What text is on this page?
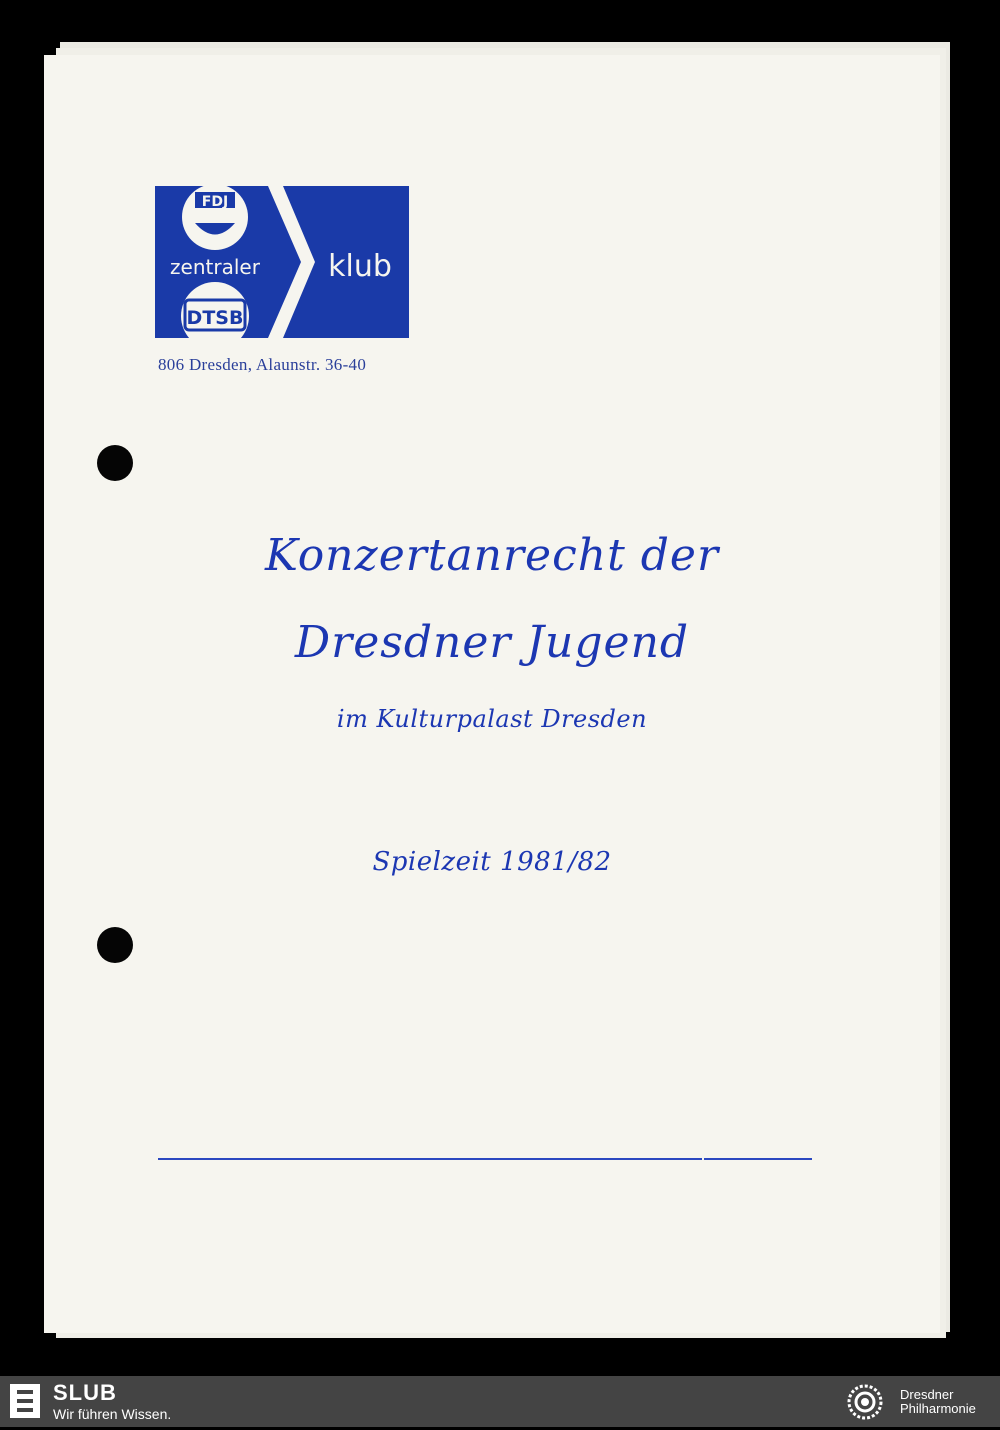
FDJ
zentraler klub
DTSB
806 Dresden, Alaunstr. 36-40
Konzertanrecht der
Dresdner Jugend
im Kulturpalast Dresden
Spielzeit 1981/82
SLUB
Wir führen Wissen.
Dresdner
Philharmonie
